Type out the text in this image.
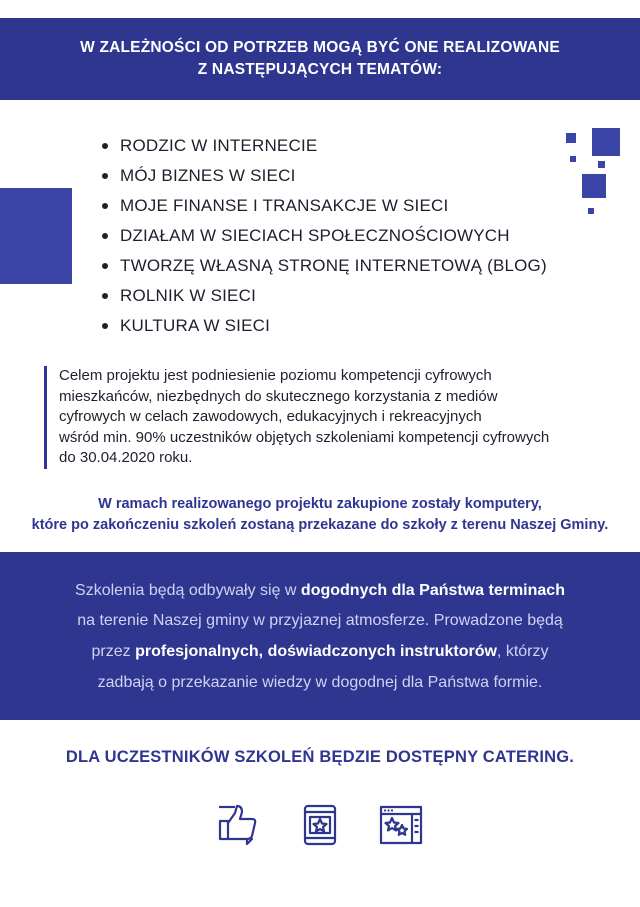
W ZALEŻNOŚCI OD POTRZEB MOGĄ BYĆ ONE REALIZOWANE
Z NASTĘPUJĄCYCH TEMATÓW:
RODZIC W INTERNECIE
MÓJ BIZNES W SIECI
MOJE FINANSE I TRANSAKCJE W SIECI
DZIAŁAM W SIECIACH SPOŁECZNOŚCIOWYCH
TWORZĘ WŁASNĄ STRONĘ INTERNETOWĄ (BLOG)
ROLNIK W SIECI
KULTURA W SIECI

Celem projektu jest podniesienie poziomu kompetencji cyfrowych

mieszkańców, niezbędnych do skutecznego korzystania z mediów

cyfrowych w celach zawodowych, edukacyjnych i rekreacyjnych

wśród min. 90% uczestników objętych szkoleniami kompetencji cyfrowych

do 30.04.2020 roku.

W ramach realizowanego projektu zakupione zostały komputery,
które po zakończeniu szkoleń zostaną przekazane do szkoły z terenu Naszej Gminy.
Szkolenia będą odbywały się w dogodnych dla Państwa terminach
na terenie Naszej gminy w przyjaznej atmosferze. Prowadzone będą
przez profesjonalnych, doświadczonych instruktorów, którzy
zadbają o przekazanie wiedzy w dogodnej dla Państwa formie.
DLA UCZESTNIKÓW SZKOLEŃ BĘDZIE DOSTĘPNY CATERING.
